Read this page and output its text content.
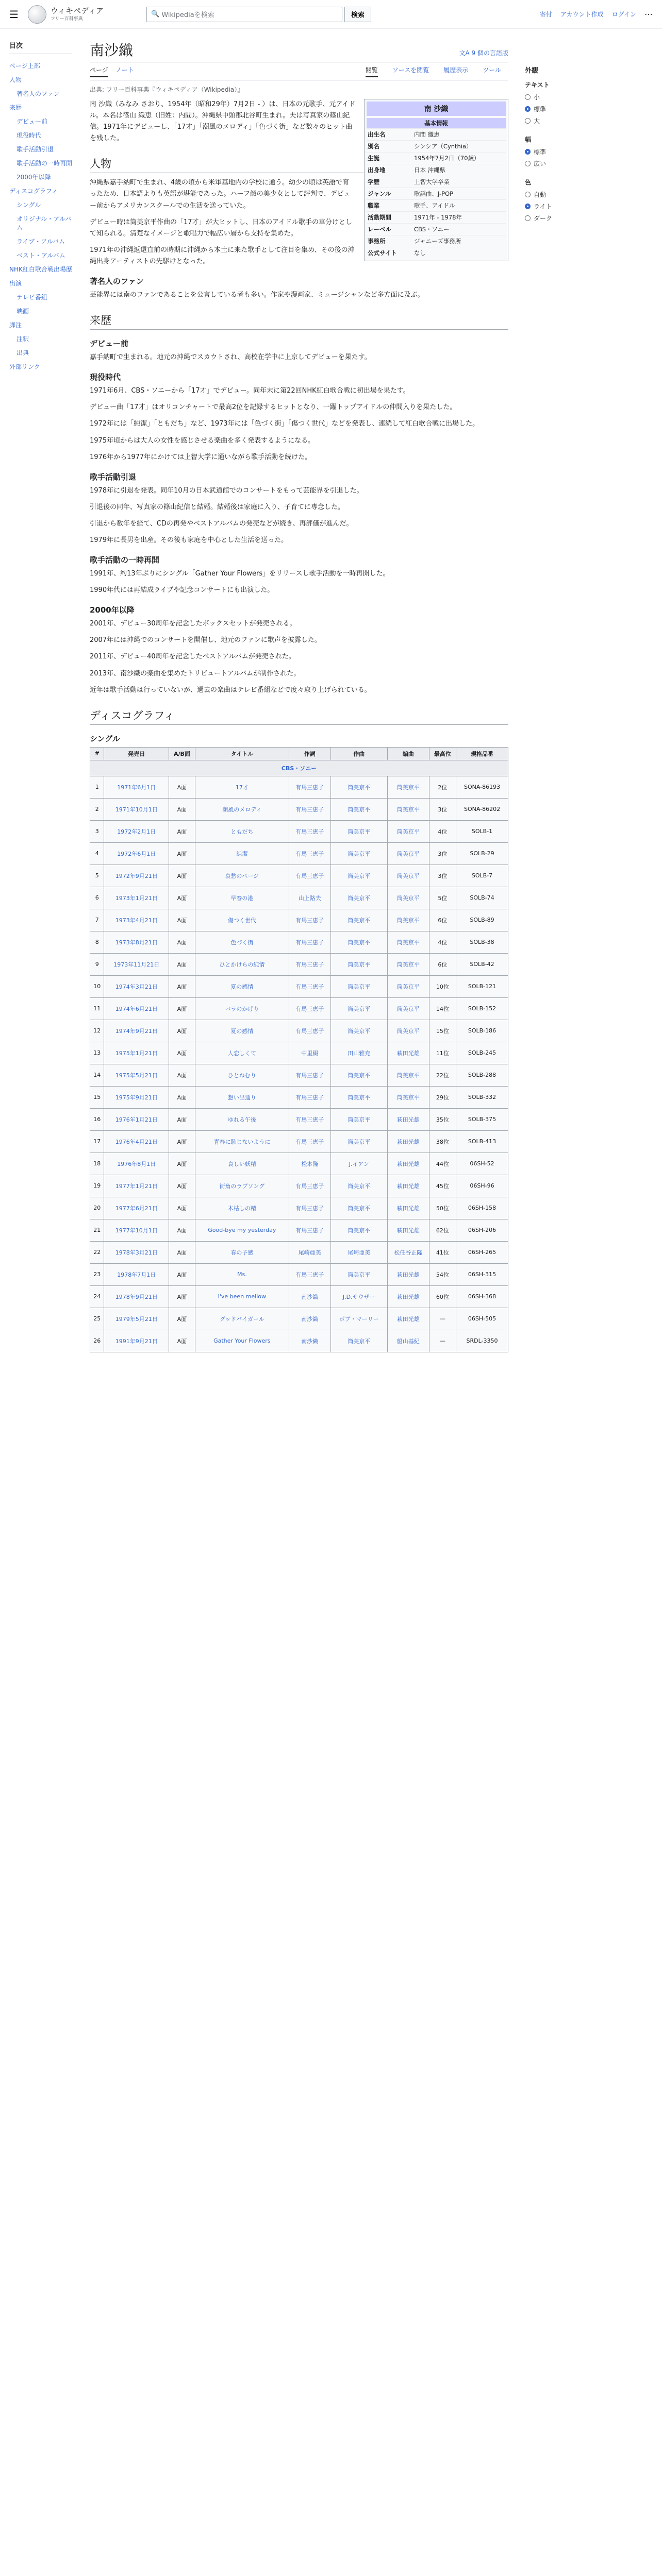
☰	ウィキペディア
フリー百科事典
🔍 Wikipediaを検索	検索	寄付 アカウント作成 ログイン ⋯
目次
ページ上部
人物
著名人のファン
来歴
デビュー前
現役時代
歌手活動引退
歌手活動の一時再開
2000年以降
ディスコグラフィ
シングル
オリジナル・アルバム
ライブ・アルバム
ベスト・アルバム
NHK紅白歌合戦出場歴
出演
テレビ番組
映画
脚注
注釈
出典
外部リンク
南沙織	文A 9 個の言語版
ページ ノート	閲覧 ソースを閲覧 履歴表示 ツール
出典: フリー百科事典『ウィキペディア（Wikipedia）』
南 沙織
基本情報
出生名	内間 織恵
別名	シンシア（Cynthia）
生誕	1954年7月2日（70歳）
出身地	日本 沖縄県
学歴	上智大学卒業
ジャンル	歌謡曲、J-POP
職業	歌手、アイドル
活動期間	1971年 - 1978年
レーベル	CBS・ソニー
事務所	ジャニーズ事務所
公式サイト	なし

南 沙織（みなみ さおり、1954年（昭和29年）7月2日 - ）は、日本の元歌手、元アイドル。本名は篠山 織恵（旧姓：内間）。沖縄県中頭郡北谷町生まれ。夫は写真家の篠山紀信。1971年にデビューし、「17才」「潮風のメロディ」「色づく街」など数々のヒット曲を残した。

人物

沖縄県嘉手納町で生まれ、4歳の頃から米軍基地内の学校に通う。幼少の頃は英語で育ったため、日本語よりも英語が堪能であった。ハーフ顔の美少女として評判で、デビュー前からアメリカンスクールでの生活を送っていた。

デビュー時は筒美京平作曲の「17才」が大ヒットし、日本のアイドル歌手の草分けとして知られる。清楚なイメージと歌唱力で幅広い層から支持を集めた。

1971年の沖縄返還直前の時期に沖縄から本土に来た歌手として注目を集め、その後の沖縄出身アーティストの先駆けとなった。

著名人のファン

芸能界には南のファンであることを公言している者も多い。作家や漫画家、ミュージシャンなど多方面に及ぶ。

来歴
デビュー前

嘉手納町で生まれる。地元の沖縄でスカウトされ、高校在学中に上京してデビューを果たす。

現役時代

1971年6月、CBS・ソニーから「17才」でデビュー。同年末に第22回NHK紅白歌合戦に初出場を果たす。

デビュー曲「17才」はオリコンチャートで最高2位を記録するヒットとなり、一躍トップアイドルの仲間入りを果たした。

1972年には「純潔」「ともだち」など、1973年には「色づく街」「傷つく世代」などを発表し、連続して紅白歌合戦に出場した。

1975年頃からは大人の女性を感じさせる楽曲を多く発表するようになる。

1976年から1977年にかけては上智大学に通いながら歌手活動を続けた。

歌手活動引退

1978年に引退を発表。同年10月の日本武道館でのコンサートをもって芸能界を引退した。

引退後の同年、写真家の篠山紀信と結婚。結婚後は家庭に入り、子育てに専念した。

引退から数年を経て、CDの再発やベストアルバムの発売などが続き、再評価が進んだ。

1979年に長男を出産。その後も家庭を中心とした生活を送った。

歌手活動の一時再開

1991年、約13年ぶりにシングル「Gather Your Flowers」をリリースし歌手活動を一時再開した。

1990年代には再結成ライブや記念コンサートにも出演した。

2000年以降

2001年、デビュー30周年を記念したボックスセットが発売される。

2007年には沖縄でのコンサートを開催し、地元のファンに歌声を披露した。

2011年、デビュー40周年を記念したベストアルバムが発売された。

2013年、南沙織の楽曲を集めたトリビュートアルバムが制作された。

近年は歌手活動は行っていないが、過去の楽曲はテレビ番組などで度々取り上げられている。

ディスコグラフィ
シングル
#	発売日	A/B面	タイトル	作詞	作曲	編曲	最高位	規格品番
CBS・ソニー								
1	1971年6月1日	A面	17才	有馬三恵子	筒美京平	筒美京平	2位	SONA-86193
2	1971年10月1日	A面	潮風のメロディ	有馬三恵子	筒美京平	筒美京平	3位	SONA-86202
3	1972年2月1日	A面	ともだち	有馬三恵子	筒美京平	筒美京平	4位	SOLB-1
4	1972年6月1日	A面	純潔	有馬三恵子	筒美京平	筒美京平	3位	SOLB-29
5	1972年9月21日	A面	哀愁のページ	有馬三恵子	筒美京平	筒美京平	3位	SOLB-7
6	1973年1月21日	A面	早春の港	山上路夫	筒美京平	筒美京平	5位	SOLB-74
7	1973年4月21日	A面	傷つく世代	有馬三恵子	筒美京平	筒美京平	6位	SOLB-89
8	1973年8月21日	A面	色づく街	有馬三恵子	筒美京平	筒美京平	4位	SOLB-38
9	1973年11月21日	A面	ひとかけらの純情	有馬三恵子	筒美京平	筒美京平	6位	SOLB-42
10	1974年3月21日	A面	夏の感情	有馬三恵子	筒美京平	筒美京平	10位	SOLB-121
11	1974年6月21日	A面	バラのかげり	有馬三恵子	筒美京平	筒美京平	14位	SOLB-152
12	1974年9月21日	A面	夏の感情	有馬三恵子	筒美京平	筒美京平	15位	SOLB-186
13	1975年1月21日	A面	人恋しくて	中里綴	田山雅充	萩田光雄	11位	SOLB-245
14	1975年5月21日	A面	ひとねむり	有馬三恵子	筒美京平	筒美京平	22位	SOLB-288
15	1975年9月21日	A面	想い出通り	有馬三恵子	筒美京平	筒美京平	29位	SOLB-332
16	1976年1月21日	A面	ゆれる午後	有馬三恵子	筒美京平	萩田光雄	35位	SOLB-375
17	1976年4月21日	A面	青春に恥じないように	有馬三恵子	筒美京平	萩田光雄	38位	SOLB-413
18	1976年8月1日	A面	哀しい妖精	松本隆	J.イアン	萩田光雄	44位	06SH-52
19	1977年1月21日	A面	街角のラブソング	有馬三恵子	筒美京平	萩田光雄	45位	06SH-96
20	1977年6月21日	A面	木枯しの精	有馬三恵子	筒美京平	萩田光雄	50位	06SH-158
21	1977年10月1日	A面	Good-bye my yesterday	有馬三恵子	筒美京平	萩田光雄	62位	06SH-206
22	1978年3月21日	A面	春の予感	尾崎亜美	尾崎亜美	松任谷正隆	41位	06SH-265
23	1978年7月1日	A面	Ms.	有馬三恵子	筒美京平	萩田光雄	54位	06SH-315
24	1978年9月21日	A面	I've been mellow	南沙織	J.D.サウザー	萩田光雄	60位	06SH-368
25	1979年5月21日	A面	グッドバイガール	南沙織	ボブ・マーリー	萩田光雄	—	06SH-505
26	1991年9月21日	A面	Gather Your Flowers	南沙織	筒美京平	船山基紀	—	SRDL-3350
外観
テキスト
小
標準
大
幅
標準
広い
色
自動
ライト
ダーク
